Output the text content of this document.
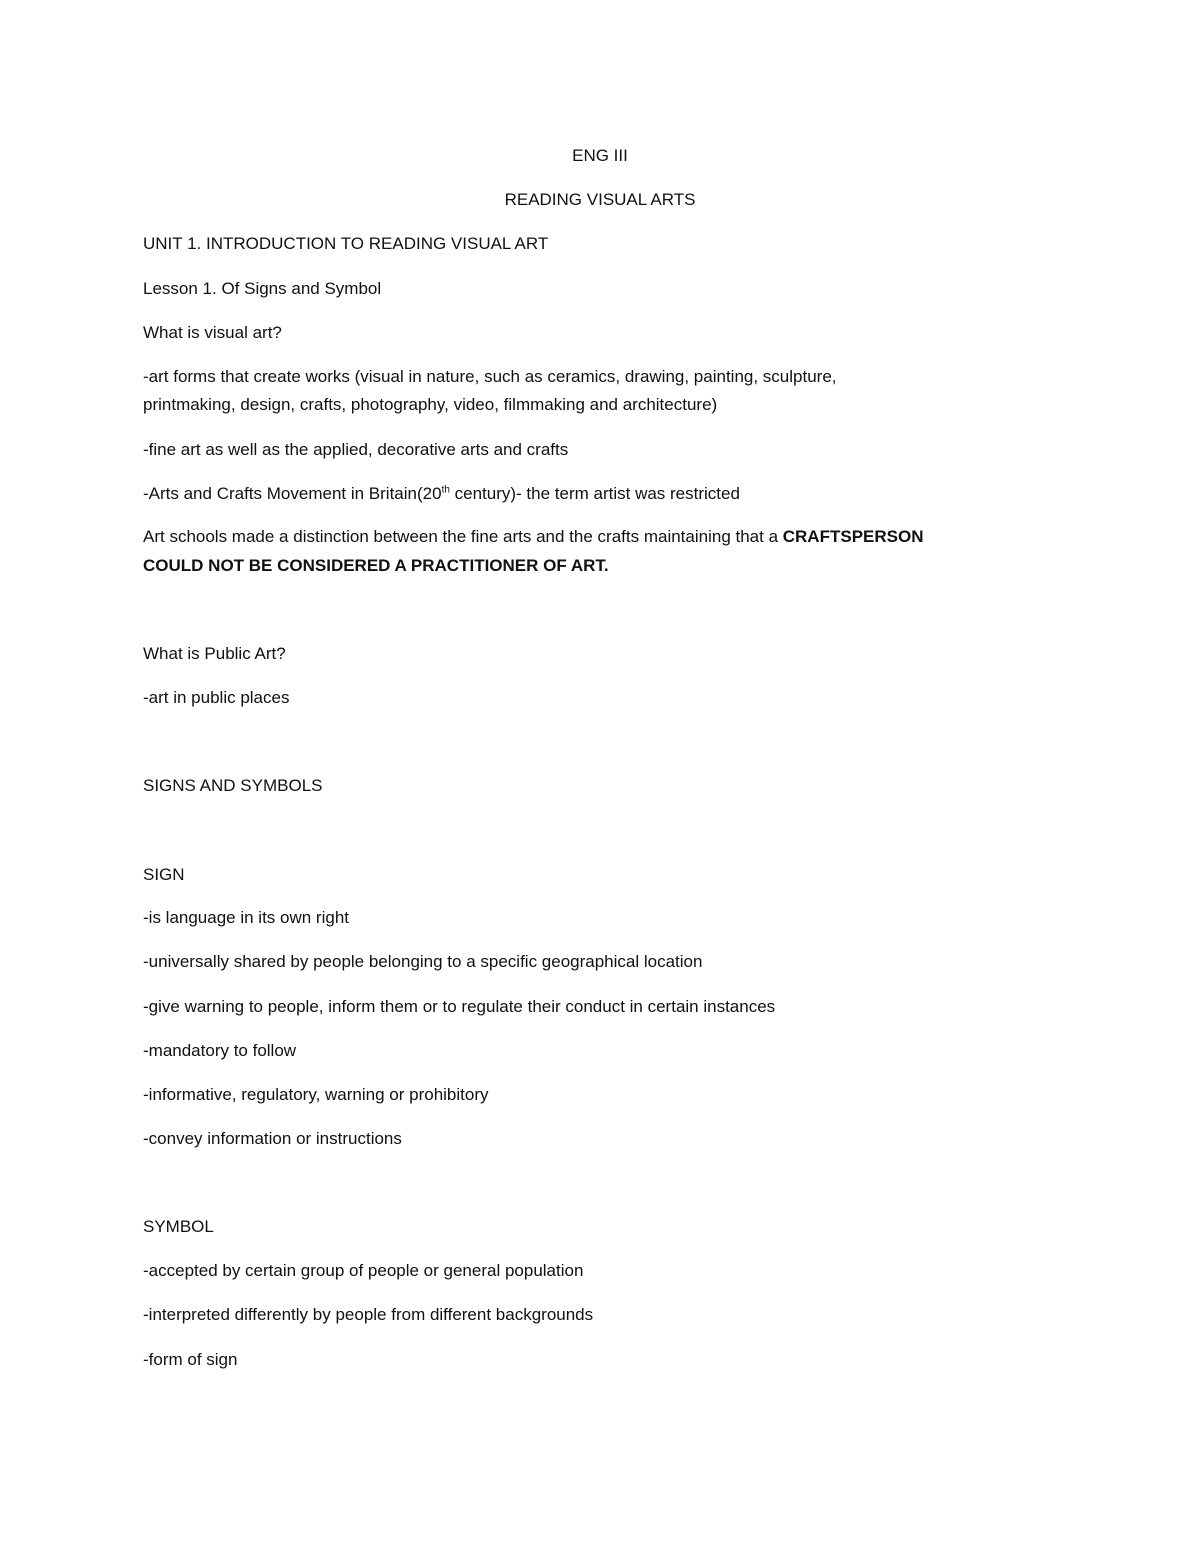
ENG III
READING VISUAL ARTS
UNIT 1. INTRODUCTION TO READING VISUAL ART
Lesson 1. Of Signs and Symbol
What is visual art?
-art forms that create works (visual in nature, such as ceramics, drawing, painting, sculpture,
printmaking, design, crafts, photography, video, filmmaking and architecture)
-fine art as well as the applied, decorative arts and crafts
-Arts and Crafts Movement in Britain(20th century)- the term artist was restricted
Art schools made a distinction between the fine arts and the crafts maintaining that a CRAFTSPERSON
COULD NOT BE CONSIDERED A PRACTITIONER OF ART.
What is Public Art?
-art in public places
SIGNS AND SYMBOLS
SIGN
-is language in its own right
-universally shared by people belonging to a specific geographical location
-give warning to people, inform them or to regulate their conduct in certain instances
-mandatory to follow
-informative, regulatory, warning or prohibitory
-convey information or instructions
SYMBOL
-accepted by certain group of people or general population
-interpreted differently by people from different backgrounds
-form of sign
